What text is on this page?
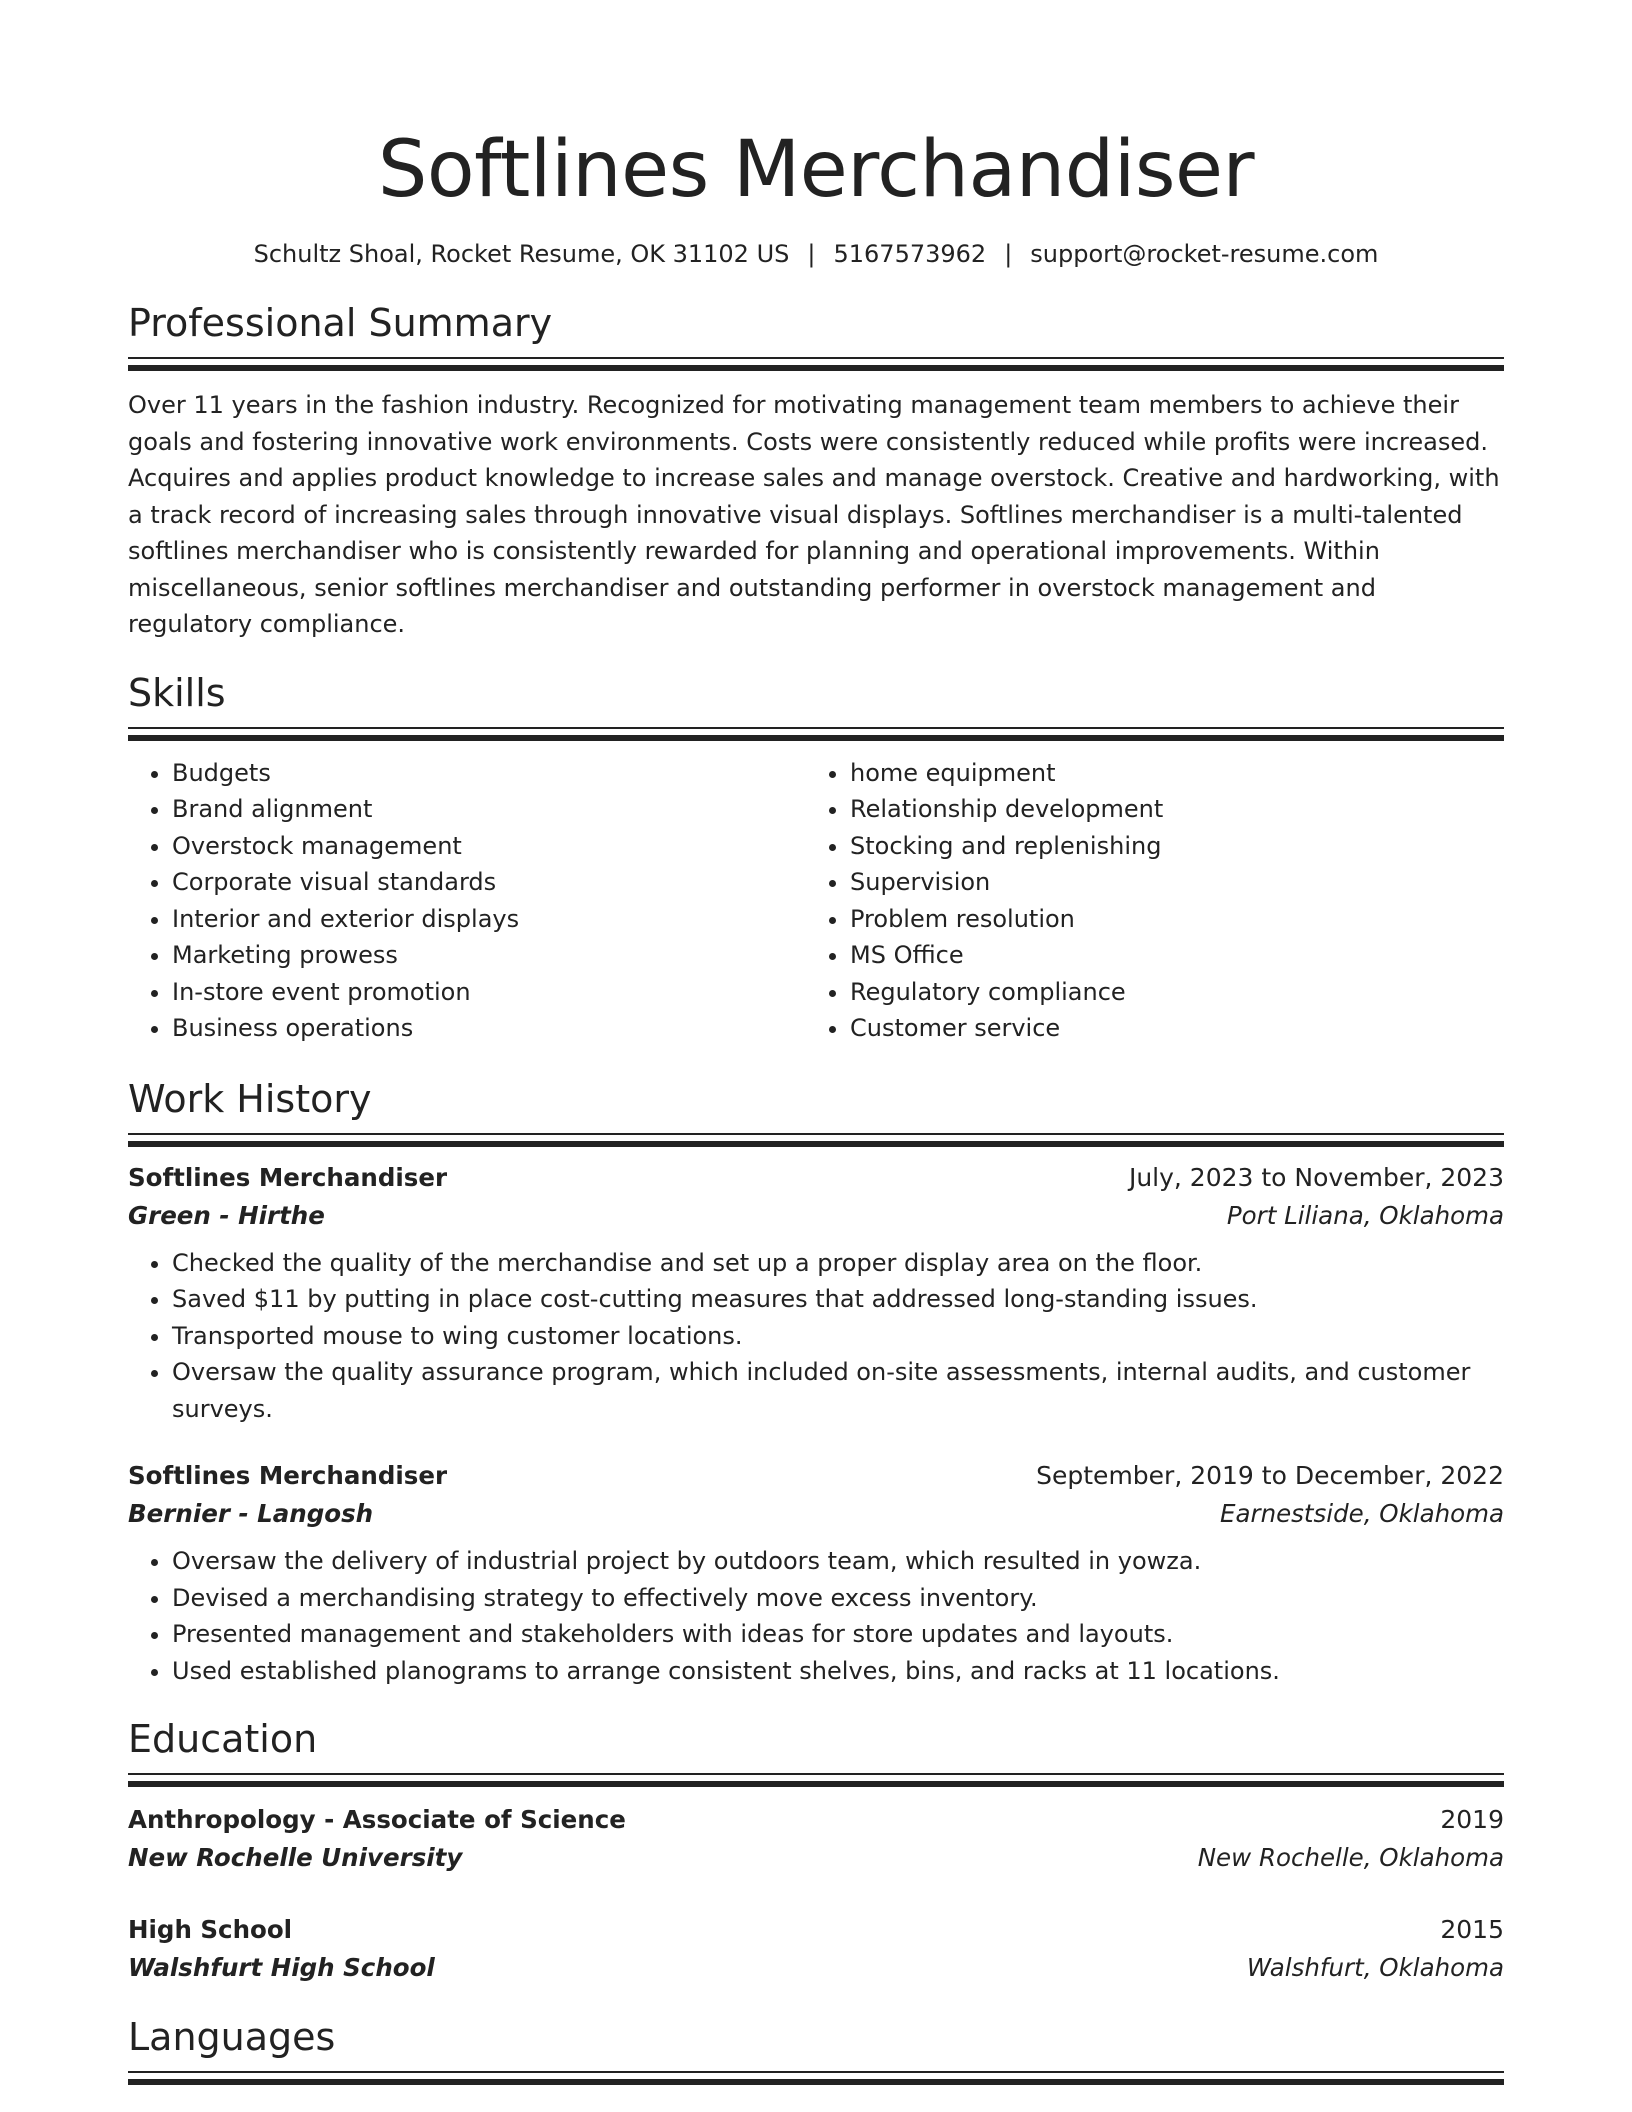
Softlines Merchandiser
Schultz Shoal, Rocket Resume, OK 31102 US | 5167573962 | support@rocket-resume.com
Professional Summary
Over 11 years in the fashion industry. Recognized for motivating management team members to achieve their goals and fostering innovative work environments. Costs were consistently reduced while profits were increased. Acquires and applies product knowledge to increase sales and manage overstock. Creative and hardworking, with a track record of increasing sales through innovative visual displays. Softlines merchandiser is a multi-talented softlines merchandiser who is consistently rewarded for planning and operational improvements. Within miscellaneous, senior softlines merchandiser and outstanding performer in overstock management and regulatory compliance.
Skills
• Budgets
• Brand alignment
• Overstock management
• Corporate visual standards
• Interior and exterior displays
• Marketing prowess
• In-store event promotion
• Business operations
• home equipment
• Relationship development
• Stocking and replenishing
• Supervision
• Problem resolution
• MS Office
• Regulatory compliance
• Customer service
Work History
Softlines Merchandiser	July, 2023 to November, 2023
Green - Hirthe	Port Liliana, Oklahoma
• Checked the quality of the merchandise and set up a proper display area on the floor.
• Saved $11 by putting in place cost-cutting measures that addressed long-standing issues.
• Transported mouse to wing customer locations.
• Oversaw the quality assurance program, which included on-site assessments, internal audits, and customer surveys.
Softlines Merchandiser	September, 2019 to December, 2022
Bernier - Langosh	Earnestside, Oklahoma
• Oversaw the delivery of industrial project by outdoors team, which resulted in yowza.
• Devised a merchandising strategy to effectively move excess inventory.
• Presented management and stakeholders with ideas for store updates and layouts.
• Used established planograms to arrange consistent shelves, bins, and racks at 11 locations.
Education
Anthropology - Associate of Science	2019
New Rochelle University	New Rochelle, Oklahoma
High School	2015
Walshfurt High School	Walshfurt, Oklahoma
Languages
